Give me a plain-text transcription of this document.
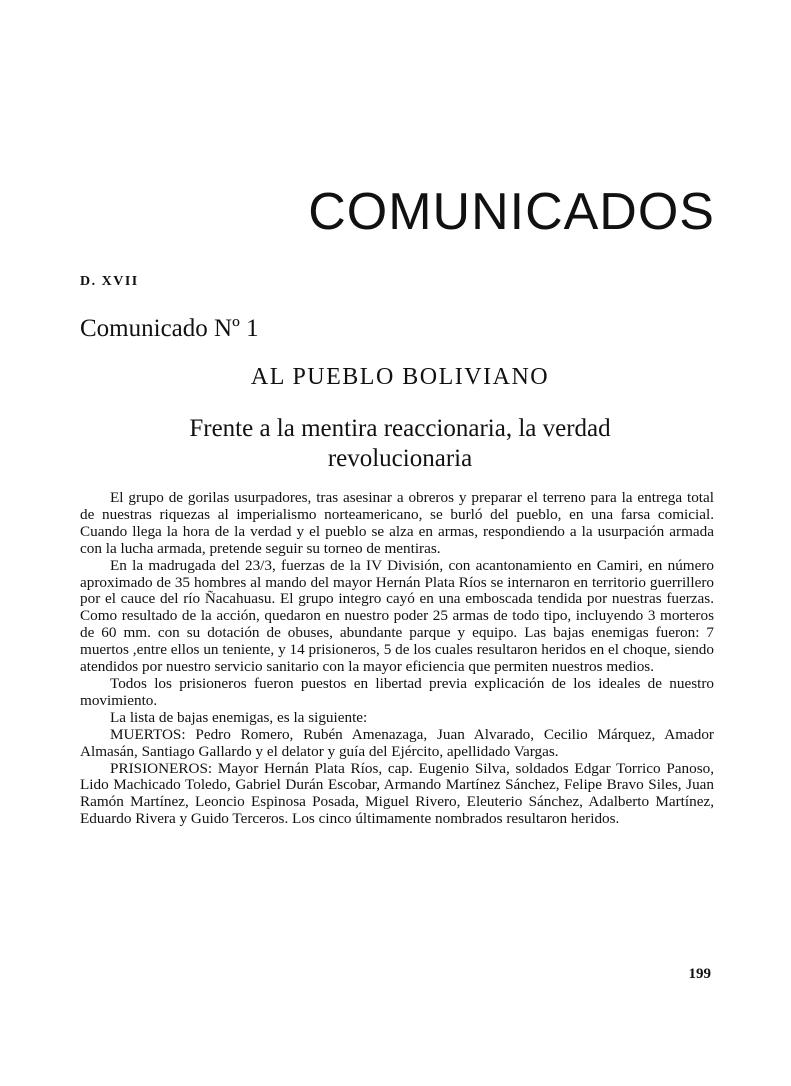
COMUNICADOS
D. XVII
Comunicado Nº 1
AL PUEBLO BOLIVIANO
Frente a la mentira reaccionaria, la verdad revolucionaria

El grupo de gorilas usurpadores, tras asesinar a obreros y preparar el terreno para la entrega total de nuestras riquezas al imperialismo norteamericano, se burló del pueblo, en una farsa comicial. Cuando llega la hora de la verdad y el pueblo se alza en armas, respondiendo a la usurpación armada con la lucha armada, pretende seguir su torneo de mentiras.

En la madrugada del 23/3, fuerzas de la IV División, con acantonamiento en Camiri, en número aproximado de 35 hombres al mando del mayor Hernán Plata Ríos se internaron en territorio guerrillero por el cauce del río Ñacahuasu. El grupo integro cayó en una emboscada tendida por nuestras fuerzas. Como resultado de la acción, quedaron en nuestro poder 25 armas de todo tipo, incluyendo 3 morteros de 60 mm. con su dotación de obuses, abundante parque y equipo. Las bajas enemigas fueron: 7 muertos ,entre ellos un teniente, y 14 prisioneros, 5 de los cuales resultaron heridos en el choque, siendo atendidos por nuestro servicio sanitario con la mayor eficiencia que permiten nuestros medios.

Todos los prisioneros fueron puestos en libertad previa explicación de los ideales de nuestro movimiento.

La lista de bajas enemigas, es la siguiente:

MUERTOS: Pedro Romero, Rubén Amenazaga, Juan Alvarado, Cecilio Márquez, Amador Almasán, Santiago Gallardo y el delator y guía del Ejército, apellidado Vargas.

PRISIONEROS: Mayor Hernán Plata Ríos, cap. Eugenio Silva, soldados Edgar Torrico Panoso, Lido Machicado Toledo, Gabriel Durán Escobar, Armando Martínez Sánchez, Felipe Bravo Siles, Juan Ramón Martínez, Leoncio Espinosa Posada, Miguel Rivero, Eleuterio Sánchez, Adalberto Martínez, Eduardo Rivera y Guido Terceros. Los cinco últimamente nombrados resultaron heridos.

199
